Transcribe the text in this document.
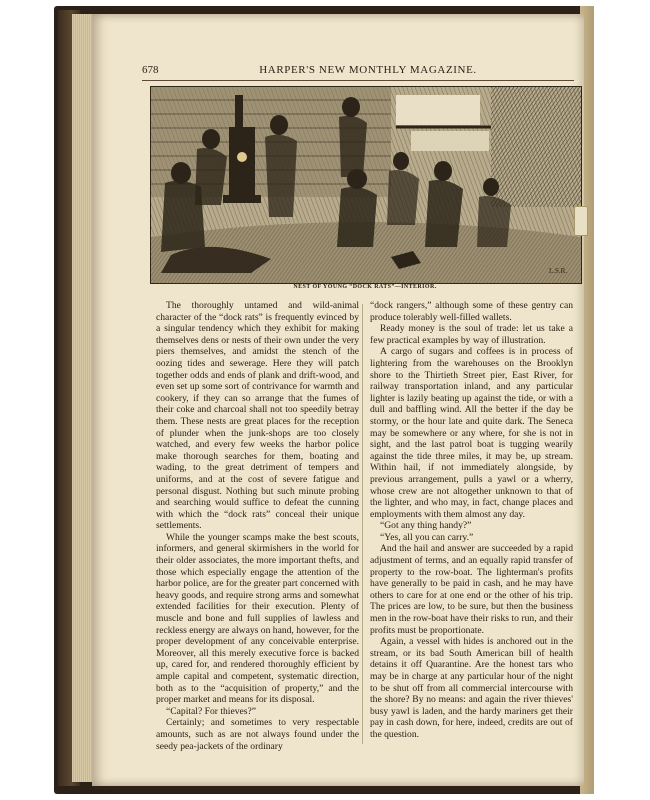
678	HARPER'S NEW MONTHLY MAGAZINE.
L.S.R.
NEST OF YOUNG “DOCK RATS”—INTERIOR.

The thoroughly untamed and wild-animal character of the “dock rats” is frequently evinced by a singular tendency which they exhibit for making themselves dens or nests of their own under the very piers themselves, and amidst the stench of the oozing tides and sewerage. Here they will patch together odds and ends of plank and drift-wood, and even set up some sort of contrivance for warmth and cookery, if they can so arrange that the fumes of their coke and charcoal shall not too speedily betray them. These nests are great places for the reception of plunder when the junk-shops are too closely watched, and every few weeks the harbor police make thorough searches for them, boating and wading, to the great detriment of tempers and uniforms, and at the cost of severe fatigue and personal disgust. Nothing but such minute probing and searching would suffice to defeat the cunning with which the “dock rats” conceal their unique settlements.

While the younger scamps make the best scouts, informers, and general skirmishers in the world for their older associates, the more important thefts, and those which especially engage the attention of the harbor police, are for the greater part concerned with heavy goods, and require strong arms and somewhat extended facilities for their execution. Plenty of muscle and bone and full supplies of lawless and reckless energy are always on hand, however, for the proper development of any conceivable enterprise. Moreover, all this merely executive force is backed up, cared for, and rendered thoroughly efficient by ample capital and competent, systematic direction, both as to the “acquisition of property,” and the proper market and means for its disposal.

“Capital? For thieves?”

Certainly; and sometimes to very respectable amounts, such as are not always found under the seedy pea-jackets of the ordinary

“dock rangers,” although some of these gentry can produce tolerably well-filled wallets.

Ready money is the soul of trade: let us take a few practical examples by way of illustration.

A cargo of sugars and coffees is in process of lightering from the warehouses on the Brooklyn shore to the Thirtieth Street pier, East River, for railway transportation inland, and any particular lighter is lazily beating up against the tide, or with a dull and baffling wind. All the better if the day be stormy, or the hour late and quite dark. The Seneca may be somewhere or any where, for she is not in sight, and the last patrol boat is tugging wearily against the tide three miles, it may be, up stream. Within hail, if not immediately alongside, by previous arrangement, pulls a yawl or a wherry, whose crew are not altogether unknown to that of the lighter, and who may, in fact, change places and employments with them almost any day.

“Got any thing handy?”

“Yes, all you can carry.”

And the hail and answer are succeeded by a rapid adjustment of terms, and an equally rapid transfer of property to the row-boat. The lighterman's profits have generally to be paid in cash, and he may have others to care for at one end or the other of his trip. The prices are low, to be sure, but then the business men in the row-boat have their risks to run, and their profits must be proportionate.

Again, a vessel with hides is anchored out in the stream, or its bad South American bill of health detains it off Quarantine. Are the honest tars who may be in charge at any particular hour of the night to be shut off from all commercial intercourse with the shore? By no means: and again the river thieves' busy yawl is laden, and the hardy mariners get their pay in cash down, for here, indeed, credits are out of the question.
